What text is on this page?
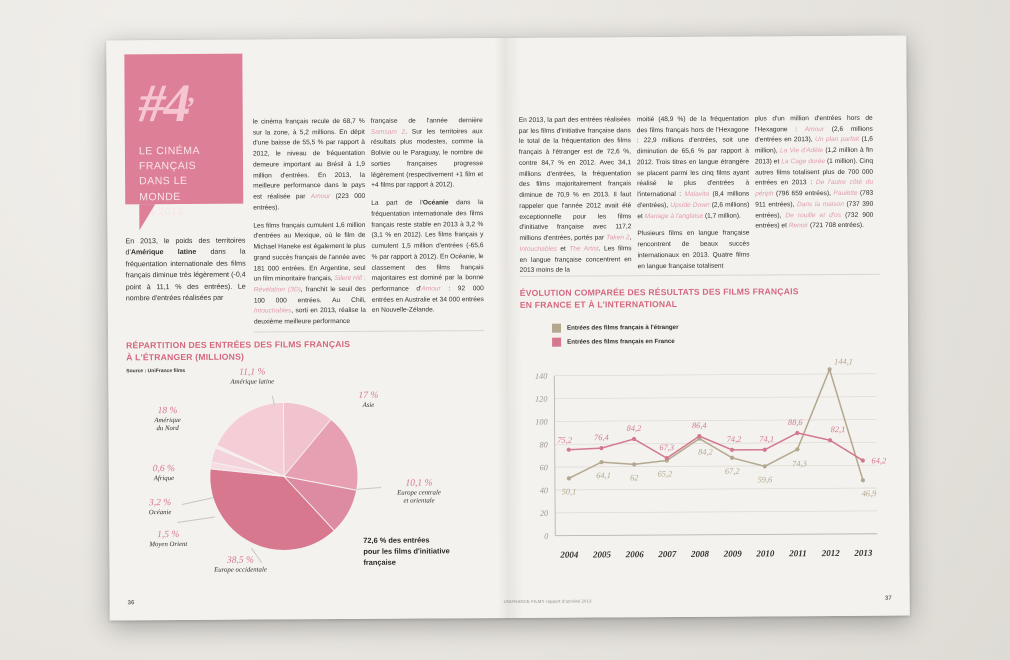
#4,
LE CINÉMA FRANÇAIS
DANS LE MONDE
EN 2013
En 2013, le poids des territoires d'Amérique latine dans la fréquentation internationale des films français diminue très légèrement (-0,4 point à 11,1 % des entrées). Le nombre d'entrées réalisées par

le cinéma français recule de 68,7 % sur la zone, à 5,2 millions. En dépit d'une baisse de 55,5 % par rapport à 2012, le niveau de fréquentation demeure important au Brésil à 1,9 million d'entrées. En 2013, la meilleure performance dans le pays est réalisée par Amour (223 000 entrées).

Les films français cumulent 1,6 million d'entrées au Mexique, où le film de Michael Haneke est également le plus grand succès français de l'année avec 181 000 entrées. En Argentine, seul un film minoritaire français, Silent Hill : Révélation (3D), franchit le seuil des 100 000 entrées. Au Chili, Intouchables, sorti en 2013, réalise la deuxième meilleure performance

française de l'année dernière Samsam 2. Sur les territoires aux résultats plus modestes, comme la Bolivie ou le Paraguay, le nombre de sorties françaises progresse légèrement (respectivement +1 film et +4 films par rapport à 2012).

La part de l'Océanie dans la fréquentation internationale des films français reste stable en 2013 à 3,2 % (3,1 % en 2012). Les films français y cumulent 1,5 million d'entrées (-65,6 % par rapport à 2012). En Océanie, le classement des films français majoritaires est dominé par la bonne performance d'Amour : 92 000 entrées en Australie et 34 000 entrées en Nouvelle-Zélande.

RÉPARTITION DES ENTRÉES DES FILMS FRANÇAIS
À L'ÉTRANGER (MILLIONS)
Source : UniFrance films	11,1 %
Amérique latine
17 %
Asie
10,1 %
Europe centrale
et orientale
38,5 %
Europe occidentale
1,5 %
Moyen Orient
3,2 %
Océanie
0,6 %
Afrique
18 %
Amérique
du Nord
72,6 % des entrées
pour les films d'initiative
française
36

En 2013, la part des entrées réalisées par les films d'initiative française dans le total de la fréquentation des films français à l'étranger est de 72,6 %, contre 84,7 % en 2012. Avec 34,1 millions d'entrées, la fréquentation des films majoritairement français diminue de 70,9 % en 2013. Il faut rappeler que l'année 2012 avait été exceptionnelle pour les films d'initiative française avec 117,2 millions d'entrées, portés par Taken 2, Intouchables et The Artist. Les films en langue française concentrent en 2013 moins de la

moitié (48,9 %) de la fréquentation des films français hors de l'Hexagone : 22,9 millions d'entrées, soit une diminution de 65,6 % par rapport à 2012. Trois titres en langue étrangère se placent parmi les cinq films ayant réalisé le plus d'entrées à l'international : Malavita (8,4 millions d'entrées), Upside Down (2,6 millions) et Mariage à l'anglaise (1,7 million).

Plusieurs films en langue française rencontrent de beaux succès internationaux en 2013. Quatre films en langue française totalisent

plus d'un million d'entrées hors de l'Hexagone : Amour (2,6 millions d'entrées en 2013), Un plan parfait (1,6 million), La Vie d'Adèle (1,2 million à fin 2013) et La Cage dorée (1 million). Cinq autres films totalisent plus de 700 000 entrées en 2013 : De l'autre côté du périph (796 659 entrées), Paulette (783 911 entrées), Dans la maison (737 390 entrées), De rouille et d'os (732 900 entrées) et Renoir (721 708 entrées).

ÉVOLUTION COMPARÉE DES RÉSULTATS DES FILMS FRANÇAIS
EN FRANCE ET À L'INTERNATIONAL
Entrées des films français à l'étranger
Entrées des films français en France
0
20
40
60
80
100
120
140
2004 2005 2006 2007 2008 2009 2010 2011 2012 2013
50,1
64,1 62 65,2
84,2
67,2
59,6
74,3
144,1
46,9
75,2	76,4
84,2
67,3
86,4
74,2 74,1
88,6
82,1
64,2
37
UNIFRANCE FILMS rapport d'activité 2013
